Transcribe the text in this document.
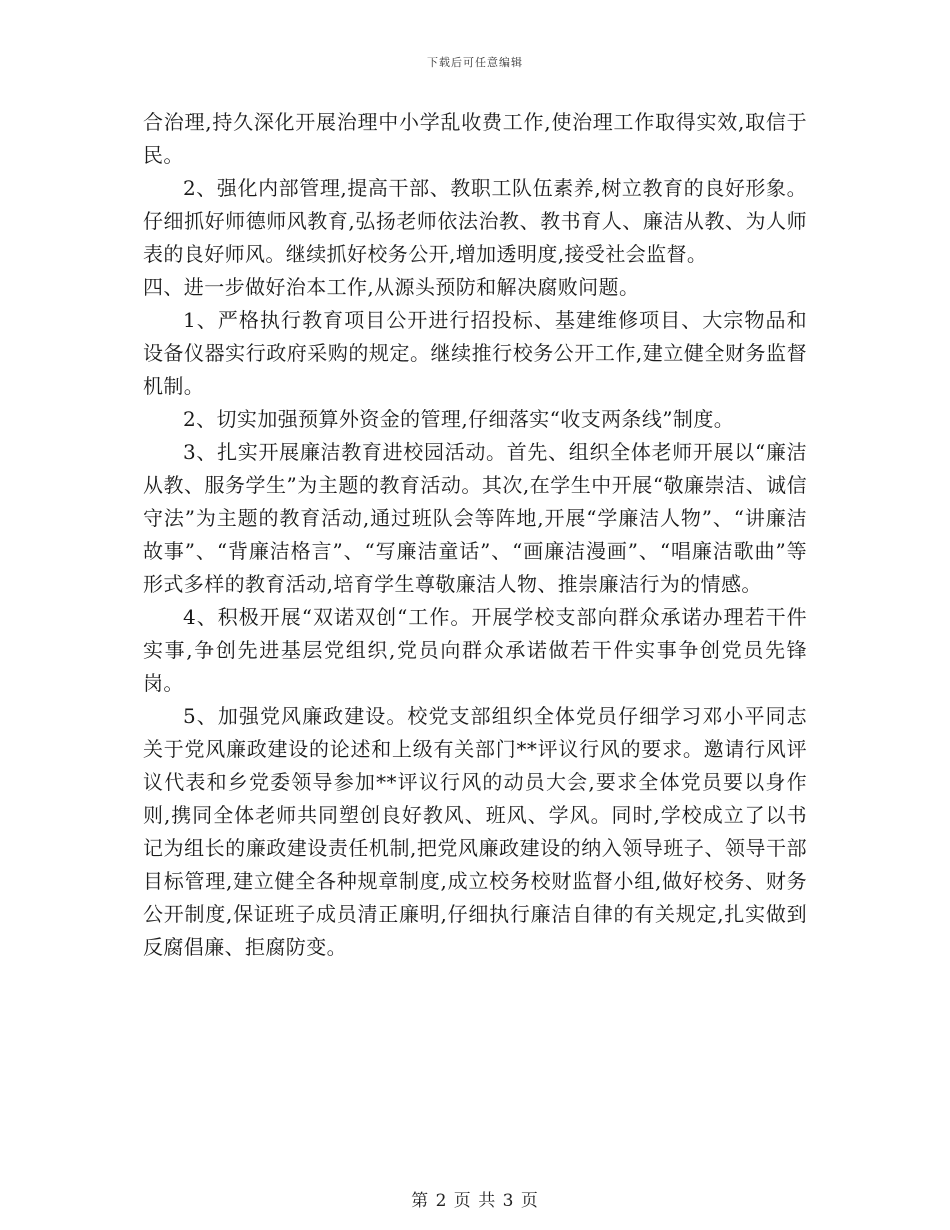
下载后可任意编辑

合治理,持久深化开展治理中小学乱收费工作,使治理工作取得实效,取信于民。

2、强化内部管理,提高干部、教职工队伍素养,树立教育的良好形象。仔细抓好师德师风教育,弘扬老师依法治教、教书育人、廉洁从教、为人师表的良好师风。继续抓好校务公开,增加透明度,接受社会监督。

四、进一步做好治本工作,从源头预防和解决腐败问题。

1、严格执行教育项目公开进行招投标、基建维修项目、大宗物品和设备仪器实行政府采购的规定。继续推行校务公开工作,建立健全财务监督机制。

2、切实加强预算外资金的管理,仔细落实“收支两条线”制度。

3、扎实开展廉洁教育进校园活动。首先、组织全体老师开展以“廉洁从教、服务学生”为主题的教育活动。其次,在学生中开展“敬廉崇洁、诚信守法”为主题的教育活动,通过班队会等阵地,开展“学廉洁人物”、“讲廉洁故事”、“背廉洁格言”、“写廉洁童话”、“画廉洁漫画”、“唱廉洁歌曲”等形式多样的教育活动,培育学生尊敬廉洁人物、推崇廉洁行为的情感。

4、积极开展“双诺双创“工作。开展学校支部向群众承诺办理若干件实事,争创先进基层党组织,党员向群众承诺做若干件实事争创党员先锋岗。

5、加强党风廉政建设。校党支部组织全体党员仔细学习邓小平同志关于党风廉政建设的论述和上级有关部门**评议行风的要求。邀请行风评议代表和乡党委领导参加**评议行风的动员大会,要求全体党员要以身作则,携同全体老师共同塑创良好教风、班风、学风。同时,学校成立了以书记为组长的廉政建设责任机制,把党风廉政建设的纳入领导班子、领导干部目标管理,建立健全各种规章制度,成立校务校财监督小组,做好校务、财务公开制度,保证班子成员清正廉明,仔细执行廉洁自律的有关规定,扎实做到反腐倡廉、拒腐防变。

第 2 页 共 3 页
